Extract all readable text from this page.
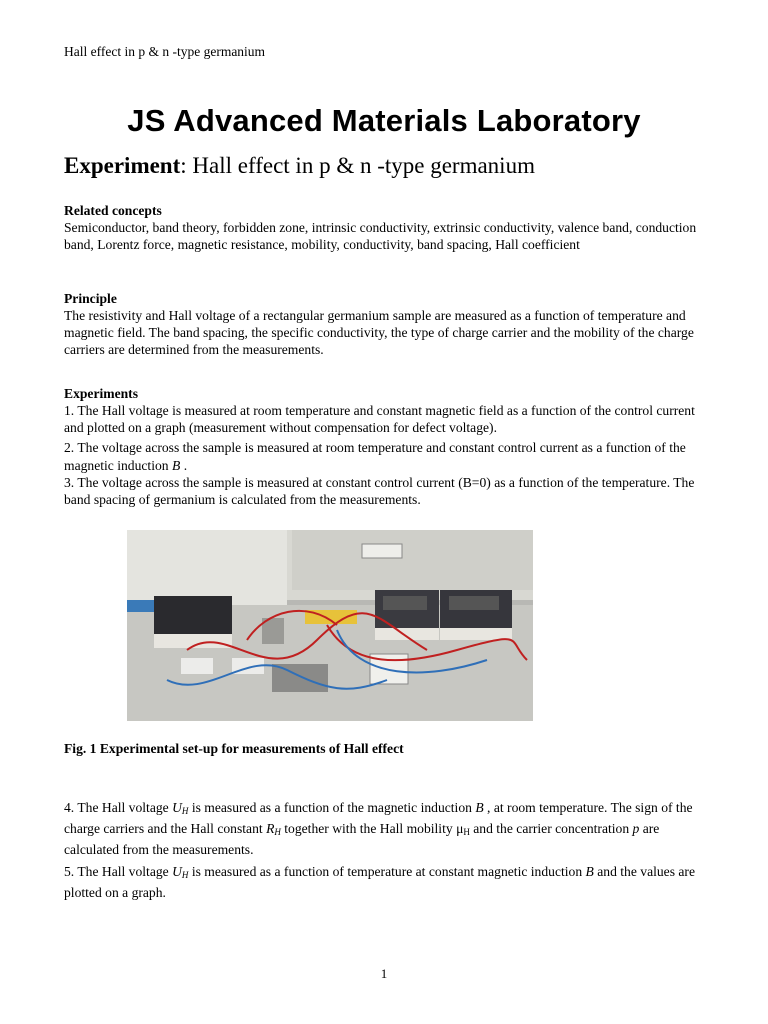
Hall effect in p & n -type germanium
JS Advanced Materials Laboratory
Experiment: Hall effect in p & n -type germanium
Related concepts

Semiconductor, band theory, forbidden zone, intrinsic conductivity, extrinsic conductivity, valence band, conduction band, Lorentz force, magnetic resistance, mobility, conductivity, band spacing, Hall coefficient

Principle

The resistivity and Hall voltage of a rectangular germanium sample are measured as a function of temperature and magnetic field. The band spacing, the specific conductivity, the type of charge carrier and the mobility of the charge carriers are determined from the measurements.

Experiments

1. The Hall voltage is measured at room temperature and constant magnetic field as a function of the control current and plotted on a graph (measurement without compensation for defect voltage).

2. The voltage across the sample is measured at room temperature and constant control current as a function of the magnetic induction B .

3. The voltage across the sample is measured at constant control current (B=0) as a function of the temperature. The band spacing of germanium is calculated from the measurements.

Fig. 1 Experimental set-up for measurements of Hall effect

4. The Hall voltage $U_H$ is measured as a function of the magnetic induction B , at room temperature. The sign of the charge carriers and the Hall constant $R_H$ together with the Hall mobility $\mu_H$ and the carrier concentration p are calculated from the measurements.

5. The Hall voltage $U_H$ is measured as a function of temperature at constant magnetic induction B and the values are plotted on a graph.

1
